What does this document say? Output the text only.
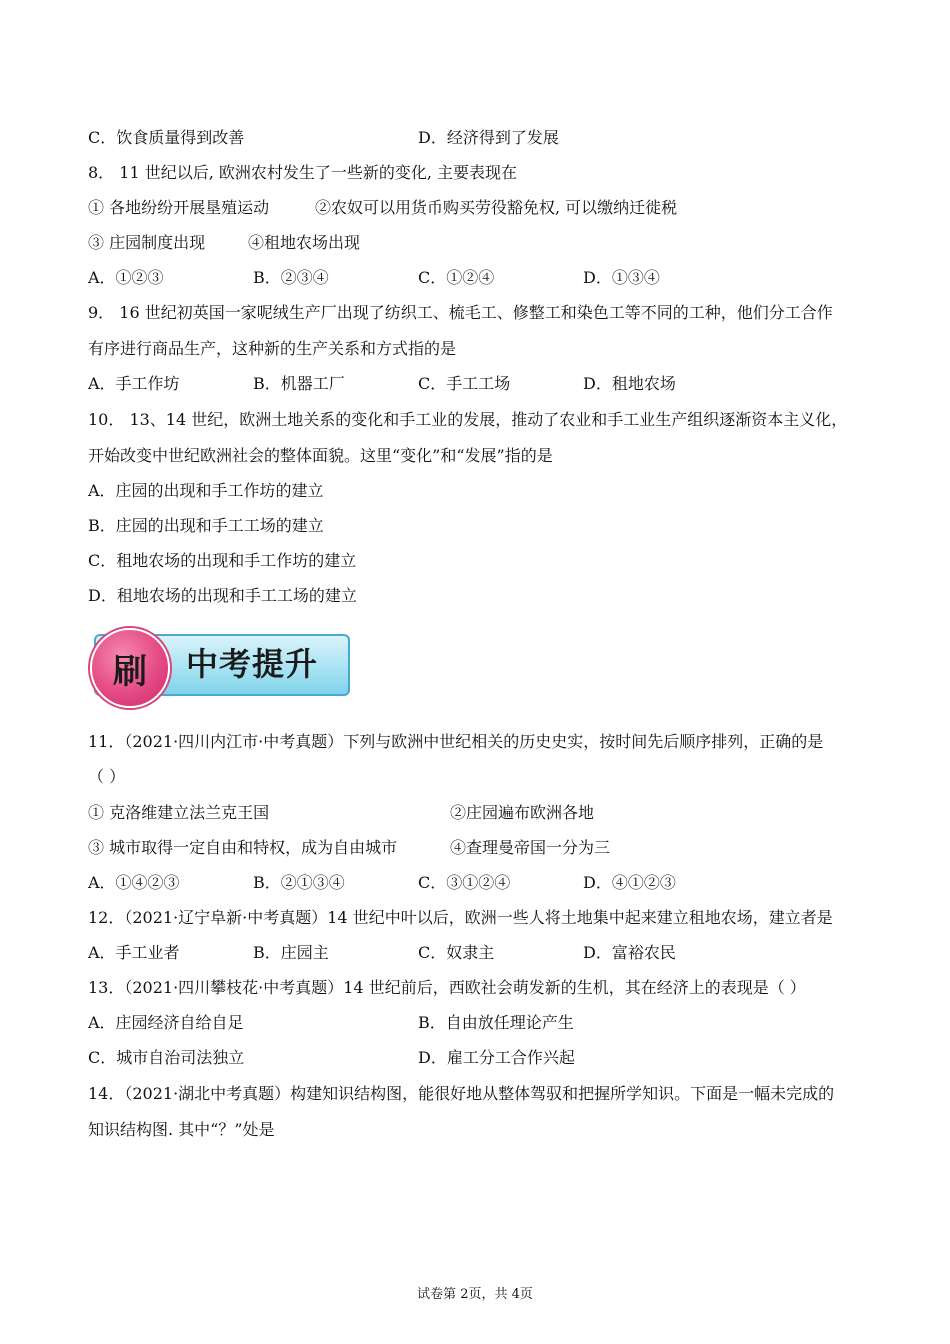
C．饮食质量得到改善	D．经济得到了发展
8． 11 世纪以后, 欧洲农村发生了一些新的变化, 主要表现在
① 各地纷纷开展垦殖运动	②农奴可以用货币购买劳役豁免权, 可以缴纳迁徙税
③ 庄园制度出现	④租地农场出现
A．①②③	B．②③④	C．①②④	D．①③④
9． 16 世纪初英国一家呢绒生产厂出现了纺织工、梳毛工、修整工和染色工等不同的工种，他们分工合作
有序进行商品生产，这种新的生产关系和方式指的是
A．手工作坊	B．机器工厂	C．手工工场	D．租地农场
10． 13、14 世纪，欧洲土地关系的变化和手工业的发展，推动了农业和手工业生产组织逐渐资本主义化，
开始改变中世纪欧洲社会的整体面貌。这里“变化”和“发展”指的是
A．庄园的出现和手工作坊的建立
B．庄园的出现和手工工场的建立
C．租地农场的出现和手工作坊的建立
D．租地农场的出现和手工工场的建立
刷 中考提升
11．（2021·四川内江市·中考真题）下列与欧洲中世纪相关的历史史实，按时间先后顺序排列，正确的是
（ ）
① 克洛维建立法兰克王国	②庄园遍布欧洲各地
③ 城市取得一定自由和特权，成为自由城市	④查理曼帝国一分为三
A．①④②③	B．②①③④	C．③①②④	D．④①②③
12．（2021·辽宁阜新·中考真题）14 世纪中叶以后，欧洲一些人将土地集中起来建立租地农场，建立者是
A．手工业者	B．庄园主	C．奴隶主	D．富裕农民
13．（2021·四川攀枝花·中考真题）14 世纪前后，西欧社会萌发新的生机，其在经济上的表现是（ ）
A．庄园经济自给自足	B．自由放任理论产生
C．城市自治司法独立	D．雇工分工合作兴起
14．（2021·湖北中考真题）构建知识结构图，能很好地从整体驾驭和把握所学知识。下面是一幅未完成的
知识结构图. 其中“？”处是
试卷第 2页，共 4页
